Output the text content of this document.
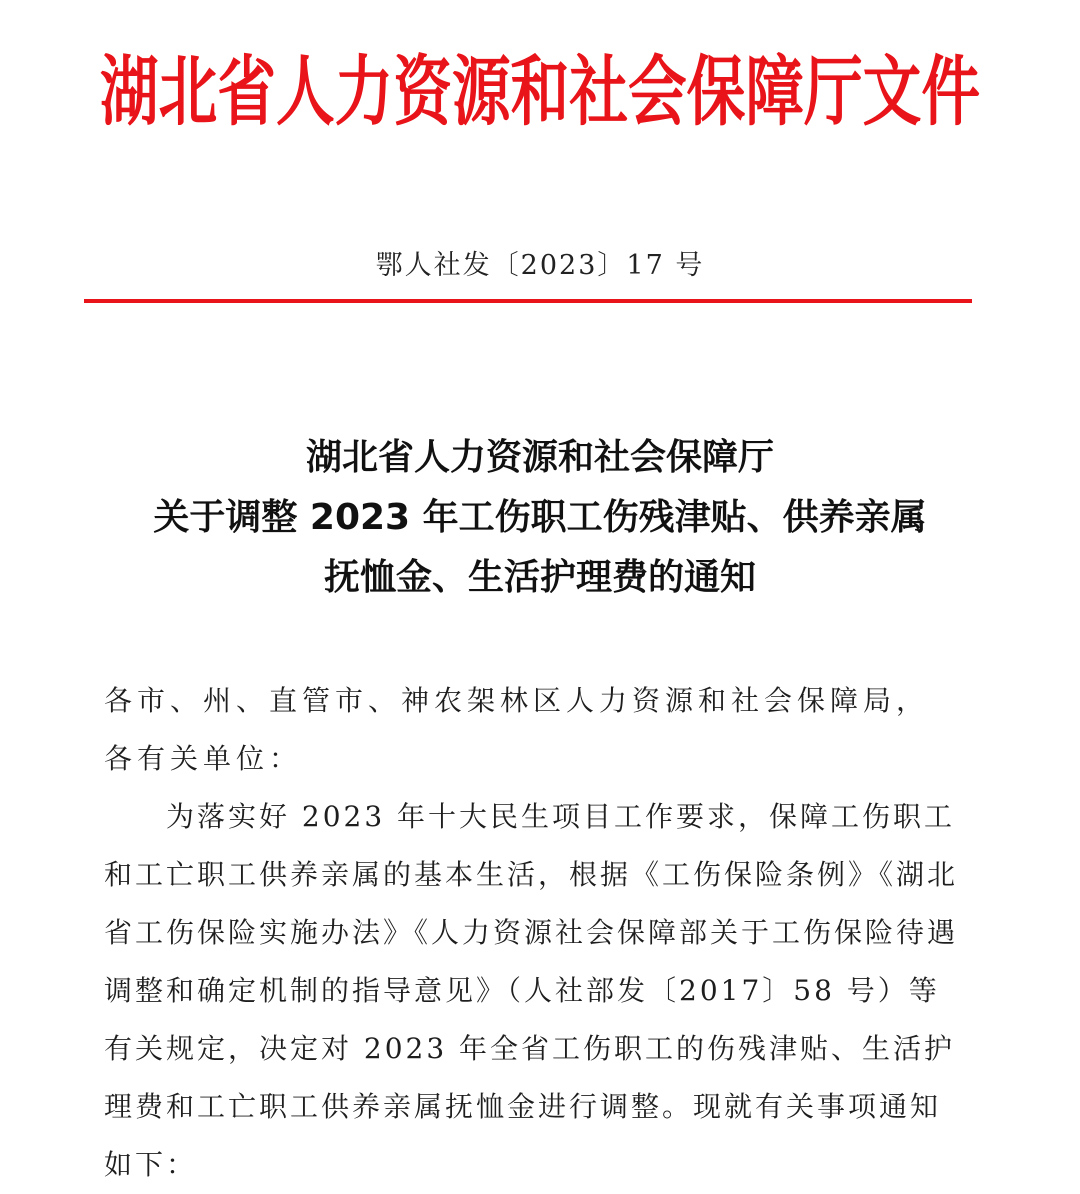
湖北省人力资源和社会保障厅文件
鄂人社发〔2023〕17 号
湖北省人力资源和社会保障厅
关于调整 2023 年工伤职工伤残津贴、供养亲属
抚恤金、生活护理费的通知

各市、州、直管市、神农架林区人力资源和社会保障局，各有关单位：

为落实好 2023 年十大民生项目工作要求，保障工伤职工和工亡职工供养亲属的基本生活，根据《工伤保险条例》《湖北省工伤保险实施办法》《人力资源社会保障部关于工伤保险待遇调整和确定机制的指导意见》（人社部发〔2017〕58 号）等有关规定，决定对 2023 年全省工伤职工的伤残津贴、生活护理费和工亡职工供养亲属抚恤金进行调整。现就有关事项通知如下：
